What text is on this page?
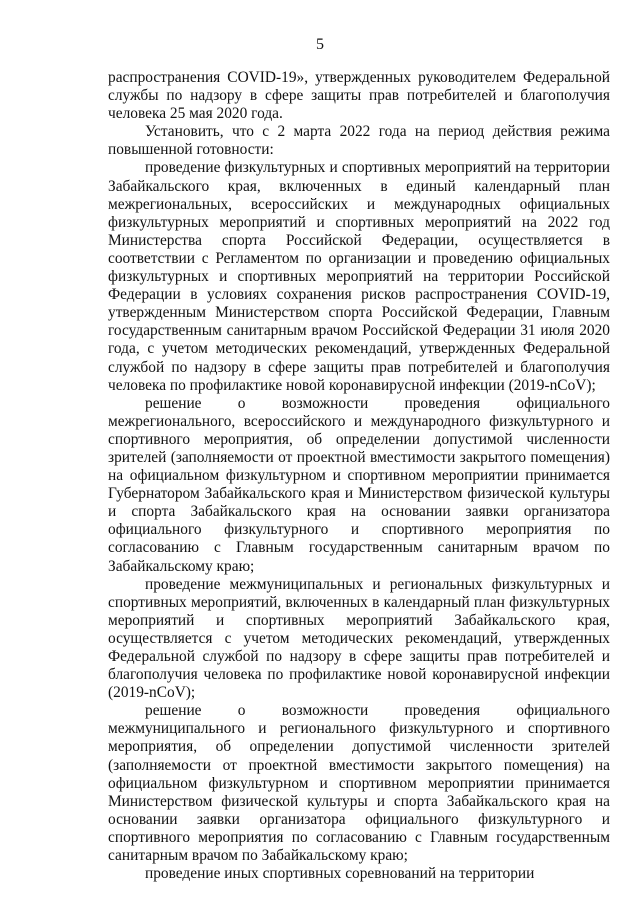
5

распространения COVID-19», утвержденных руководителем Федеральной службы по надзору в сфере защиты прав потребителей и благополучия человека 25 мая 2020 года.

Установить, что с 2 марта 2022 года на период действия режима повышенной готовности:

проведение физкультурных и спортивных мероприятий на территории Забайкальского края, включенных в единый календарный план межрегиональных, всероссийских и международных официальных физкультурных мероприятий и спортивных мероприятий на 2022 год Министерства спорта Российской Федерации, осуществляется в соответствии с Регламентом по организации и проведению официальных физкультурных и спортивных мероприятий на территории Российской Федерации в условиях сохранения рисков распространения COVID-19, утвержденным Министерством спорта Российской Федерации, Главным государственным санитарным врачом Российской Федерации 31 июля 2020 года, с учетом методических рекомендаций, утвержденных Федеральной службой по надзору в сфере защиты прав потребителей и благополучия человека по профилактике новой коронавирусной инфекции (2019-nCoV);

решение о возможности проведения официального межрегионального, всероссийского и международного физкультурного и спортивного мероприятия, об определении допустимой численности зрителей (заполняемости от проектной вместимости закрытого помещения) на официальном физкультурном и спортивном мероприятии принимается Губернатором Забайкальского края и Министерством физической культуры и спорта Забайкальского края на основании заявки организатора официального физкультурного и спортивного мероприятия по согласованию с Главным государственным санитарным врачом по Забайкальскому краю;

проведение межмуниципальных и региональных физкультурных и спортивных мероприятий, включенных в календарный план физкультурных мероприятий и спортивных мероприятий Забайкальского края, осуществляется с учетом методических рекомендаций, утвержденных Федеральной службой по надзору в сфере защиты прав потребителей и благополучия человека по профилактике новой коронавирусной инфекции (2019-nCoV);

решение о возможности проведения официального межмуниципального и регионального физкультурного и спортивного мероприятия, об определении допустимой численности зрителей (заполняемости от проектной вместимости закрытого помещения) на официальном физкультурном и спортивном мероприятии принимается Министерством физической культуры и спорта Забайкальского края на основании заявки организатора официального физкультурного и спортивного мероприятия по согласованию с Главным государственным санитарным врачом по Забайкальскому краю;

проведение иных спортивных соревнований на территории
